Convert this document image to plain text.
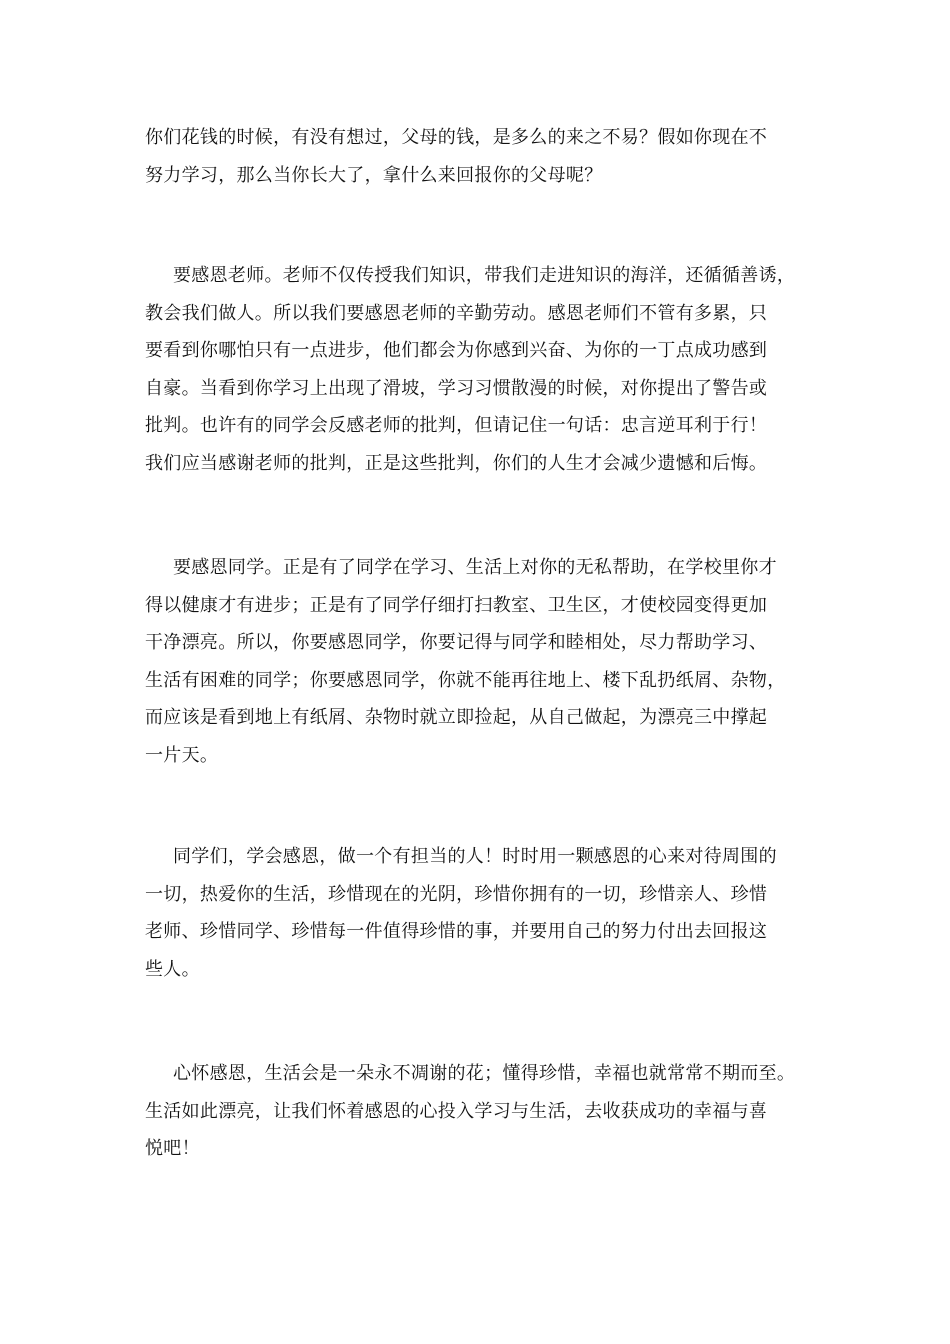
你们花钱的时候，有没有想过，父母的钱，是多么的来之不易？假如你现在不
努力学习，那么当你长大了，拿什么来回报你的父母呢？
要感恩老师。老师不仅传授我们知识，带我们走进知识的海洋，还循循善诱，
教会我们做人。所以我们要感恩老师的辛勤劳动。感恩老师们不管有多累，只
要看到你哪怕只有一点进步，他们都会为你感到兴奋、为你的一丁点成功感到
自豪。当看到你学习上出现了滑坡，学习习惯散漫的时候，对你提出了警告或
批判。也许有的同学会反感老师的批判，但请记住一句话：忠言逆耳利于行！
我们应当感谢老师的批判，正是这些批判，你们的人生才会减少遗憾和后悔。
要感恩同学。正是有了同学在学习、生活上对你的无私帮助，在学校里你才
得以健康才有进步；正是有了同学仔细打扫教室、卫生区，才使校园变得更加
干净漂亮。所以，你要感恩同学，你要记得与同学和睦相处，尽力帮助学习、
生活有困难的同学；你要感恩同学，你就不能再往地上、楼下乱扔纸屑、杂物，
而应该是看到地上有纸屑、杂物时就立即捡起，从自己做起，为漂亮三中撑起
一片天。
同学们，学会感恩，做一个有担当的人！时时用一颗感恩的心来对待周围的
一切，热爱你的生活，珍惜现在的光阴，珍惜你拥有的一切，珍惜亲人、珍惜
老师、珍惜同学、珍惜每一件值得珍惜的事，并要用自己的努力付出去回报这
些人。
心怀感恩，生活会是一朵永不凋谢的花；懂得珍惜，幸福也就常常不期而至。
生活如此漂亮，让我们怀着感恩的心投入学习与生活，去收获成功的幸福与喜
悦吧！
